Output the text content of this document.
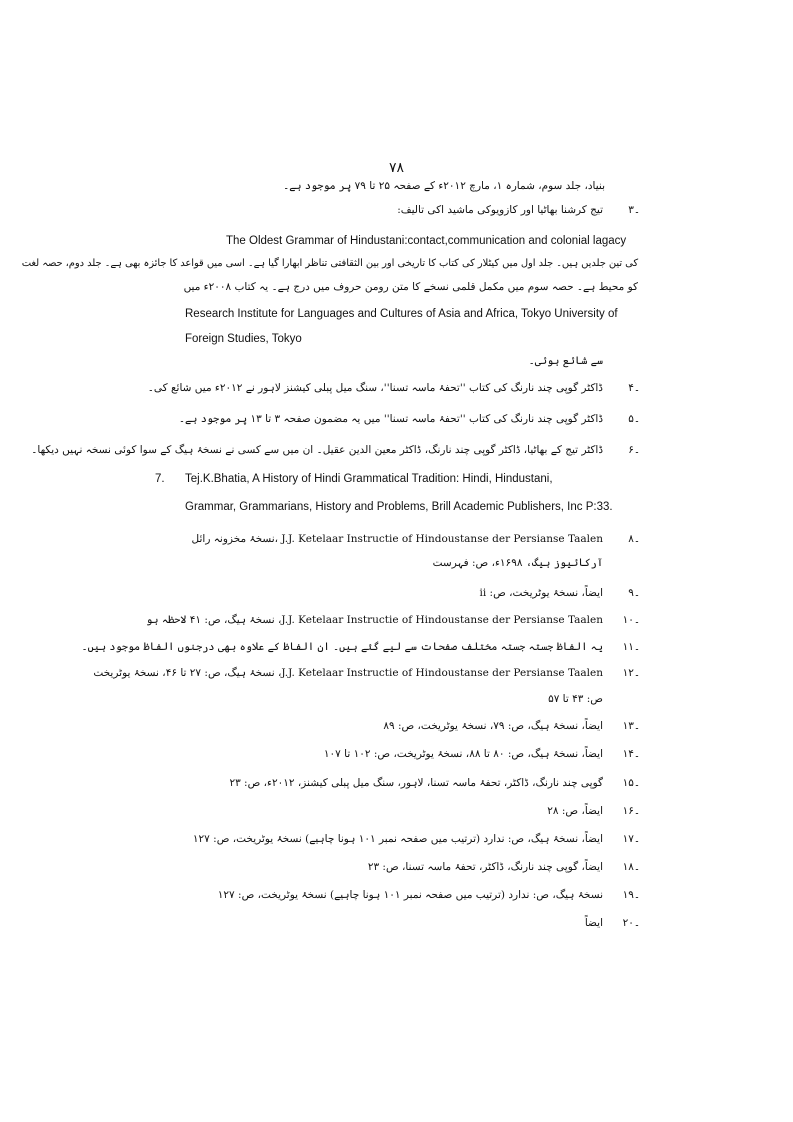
۷۸
بنیاد، جلد سوم، شمارہ ۱، مارچ ۲۰۱۲ء کے صفحہ ۲۵ تا ۷۹ پر موجود ہے۔
۳۔
تیج کرشنا بھاٹیا اور کازویوکی ماشید اکی تالیف:
The Oldest Grammar of Hindustani:contact,communication and colonial lagacy
کی تین جلدیں ہیں۔ جلد اول میں کیٹلار کی کتاب کا تاریخی اور بین الثقافتی تناظر ابھارا گیا ہے۔ اسی میں قواعد کا جائزہ بھی ہے۔ جلد دوم، حصہ لغت
کو محیط ہے۔ حصہ سوم میں مکمل قلمی نسخے کا متن رومن حروف میں درج ہے۔ یہ کتاب ۲۰۰۸ء میں
Research Institute for Languages and Cultures of Asia and Africa, Tokyo University of
Foreign Studies, Tokyo
سے شائع ہوئی۔
۴۔
ڈاکٹر گوپی چند نارنگ کی کتاب ''تحفۂ ماسہ تسنا''، سنگ میل پبلی کیشنز لاہور نے ۲۰۱۲ء میں شائع کی۔
۵۔
ڈاکٹر گوپی چند نارنگ کی کتاب ''تحفۂ ماسہ تسنا'' میں یہ مضمون صفحہ ۳ تا ۱۳ پر موجود ہے۔
۶۔
ڈاکٹر تیج کے بھاٹیا، ڈاکٹر گوپی چند نارنگ، ڈاکٹر معین الدین عقیل۔ ان میں سے کسی نے نسخۂ ہیگ کے سوا کوئی نسخہ نہیں دیکھا۔
7. Tej.K.Bhatia, A History of Hindi Grammatical Tradition: Hindi, Hindustani,
Grammar, Grammarians, History and Problems, Brill Academic Publishers, Inc P:33.
۸۔
J.J. Ketelaar Instructie of Hindoustanse der Persianse Taalen ،نسخۂ مخزونہ رائل
آرکائیوز ہیگ، ۱۶۹۸ء، ص: فہرست
۹۔
ایضاً، نسخۂ یوٹریخت، ص: ii
۱۰۔
J.J. Ketelaar Instructie of Hindoustanse der Persianse Taalen، نسخۂ ہیگ، ص: ۴۱ لاحظہ ہو
۱۱۔
یہ الفاظ جستہ جستہ مختلف صفحات سے لیے گئے ہیں۔ ان الفاظ کے علاوہ بھی درجنوں الفاظ موجود ہیں۔
۱۲۔
J.J. Ketelaar Instructie of Hindoustanse der Persianse Taalen، نسخۂ ہیگ، ص: ۲۷ تا ۴۶، نسخۂ یوٹریخت
ص: ۴۳ تا ۵۷
۱۳۔
ایضاً، نسخۂ ہیگ، ص: ۷۹، نسخۂ یوٹریخت، ص: ۸۹
۱۴۔
ایضاً، نسخۂ ہیگ، ص: ۸۰ تا ۸۸، نسخۂ یوٹریخت، ص: ۱۰۲ تا ۱۰۷
۱۵۔
گوپی چند نارنگ، ڈاکٹر، تحفۂ ماسہ تسنا، لاہور، سنگ میل پبلی کیشنز، ۲۰۱۲ء، ص: ۲۳
۱۶۔
ایضاً، ص: ۲۸
۱۷۔
ایضاً، نسخۂ ہیگ، ص: ندارد (ترتیب میں صفحہ نمبر ۱۰۱ ہونا چاہیے) نسخۂ یوٹریخت، ص: ۱۲۷
۱۸۔
ایضاً، گوپی چند نارنگ، ڈاکٹر، تحفۂ ماسہ تسنا، ص: ۲۳
۱۹۔
نسخۂ ہیگ، ص: ندارد (ترتیب میں صفحہ نمبر ۱۰۱ ہونا چاہیے) نسخۂ یوٹریخت، ص: ۱۲۷
۲۰۔
ایضاً
